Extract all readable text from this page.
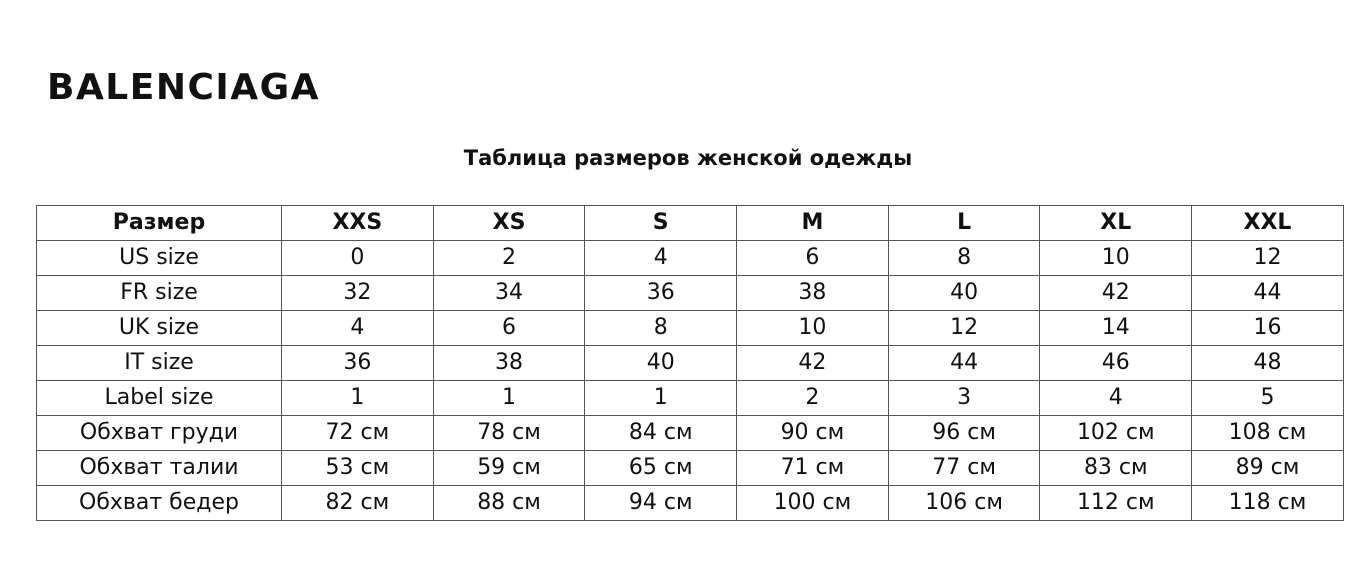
BALENCIAGA
Таблица размеров женской одежды
Размер	XXS	XS	S	M	L	XL	XXL
US size	0	2	4	6	8	10	12
FR size	32	34	36	38	40	42	44
UK size	4	6	8	10	12	14	16
IT size	36	38	40	42	44	46	48
Label size	1	1	1	2	3	4	5
Обхват груди	72 см	78 см	84 см	90 см	96 см	102 см	108 см
Обхват талии	53 см	59 см	65 см	71 см	77 см	83 см	89 см
Обхват бедер	82 см	88 см	94 см	100 см	106 см	112 см	118 см
